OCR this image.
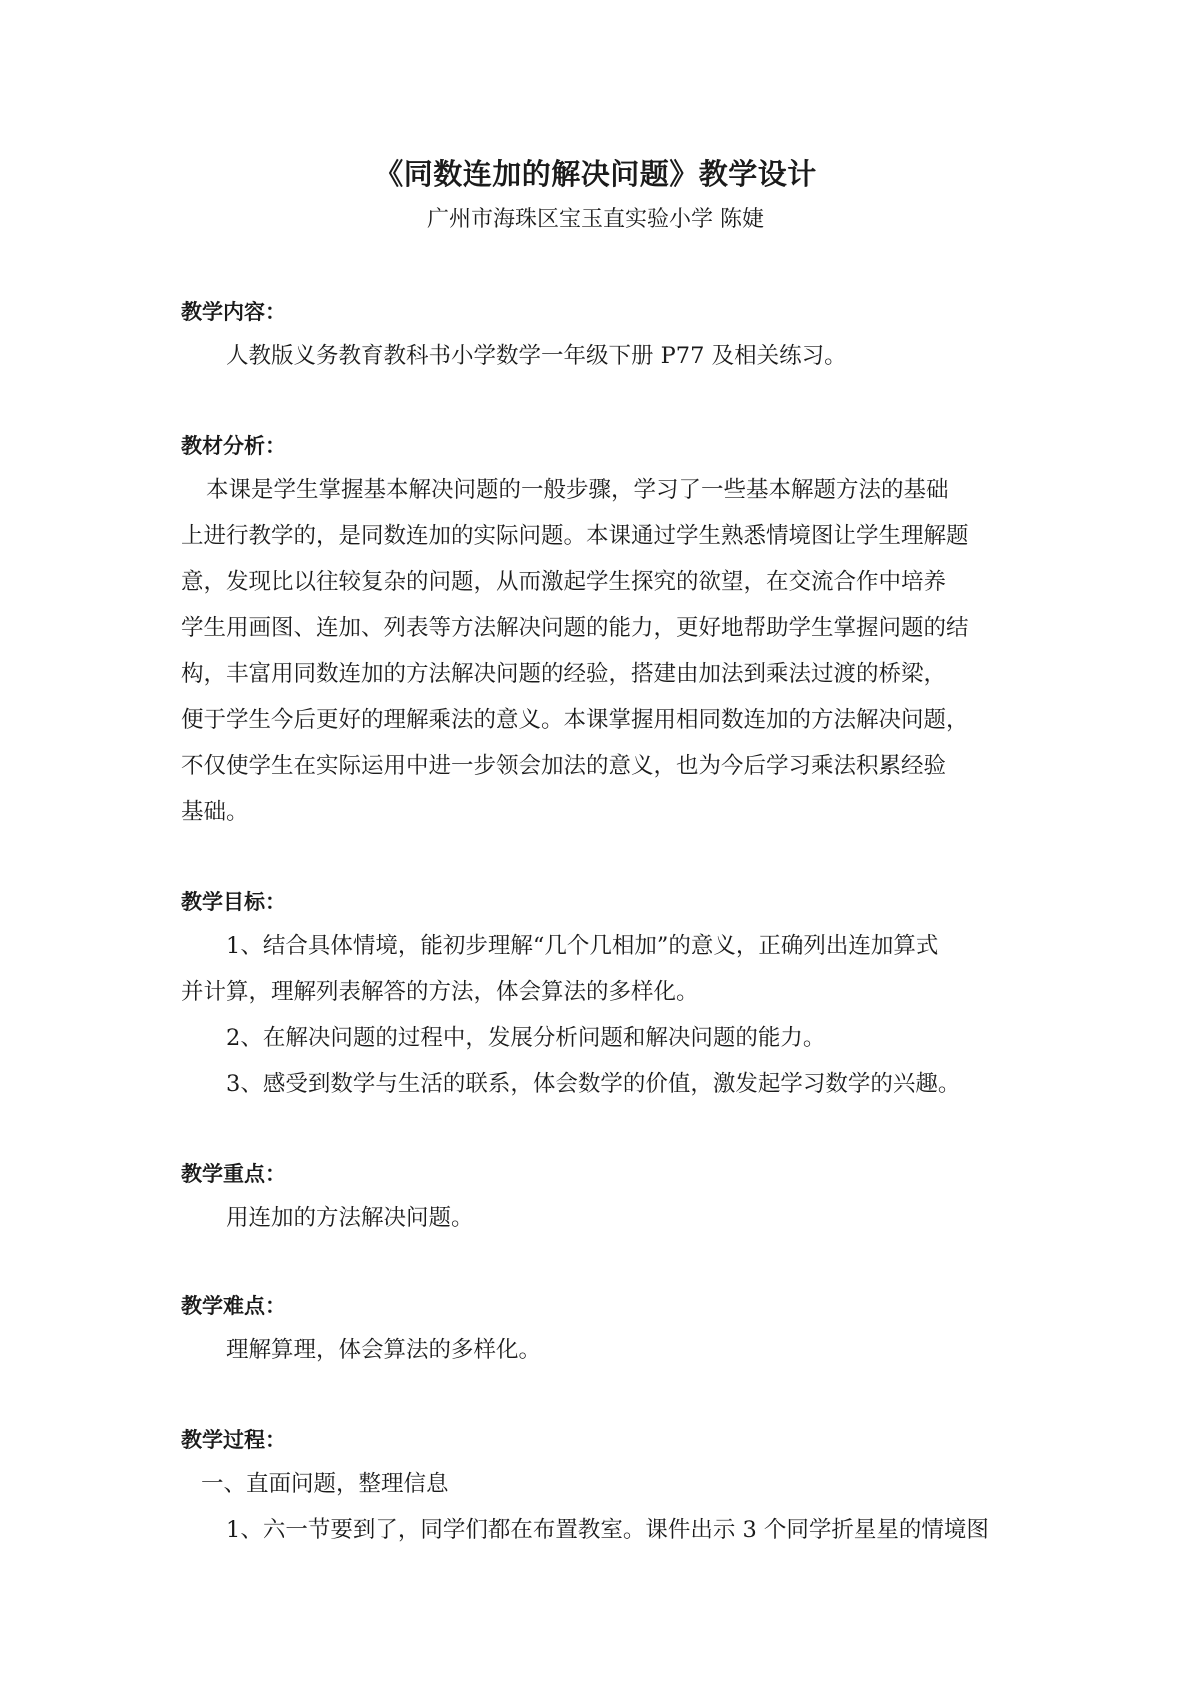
《同数连加的解决问题》教学设计
广州市海珠区宝玉直实验小学 陈婕
教学内容：
人教版义务教育教科书小学数学一年级下册 P77 及相关练习。
教材分析：
本课是学生掌握基本解决问题的一般步骤，学习了一些基本解题方法的基础
上进行教学的，是同数连加的实际问题。本课通过学生熟悉情境图让学生理解题
意，发现比以往较复杂的问题，从而激起学生探究的欲望，在交流合作中培养
学生用画图、连加、列表等方法解决问题的能力，更好地帮助学生掌握问题的结
构，丰富用同数连加的方法解决问题的经验，搭建由加法到乘法过渡的桥梁，
便于学生今后更好的理解乘法的意义。本课掌握用相同数连加的方法解决问题，
不仅使学生在实际运用中进一步领会加法的意义，也为今后学习乘法积累经验
基础。
教学目标：
1、结合具体情境，能初步理解“几个几相加”的意义，正确列出连加算式
并计算，理解列表解答的方法，体会算法的多样化。
2、在解决问题的过程中，发展分析问题和解决问题的能力。
3、感受到数学与生活的联系，体会数学的价值，激发起学习数学的兴趣。
教学重点：
用连加的方法解决问题。
教学难点：
理解算理，体会算法的多样化。
教学过程：
一、直面问题，整理信息
1、六一节要到了，同学们都在布置教室。课件出示 3 个同学折星星的情境图
